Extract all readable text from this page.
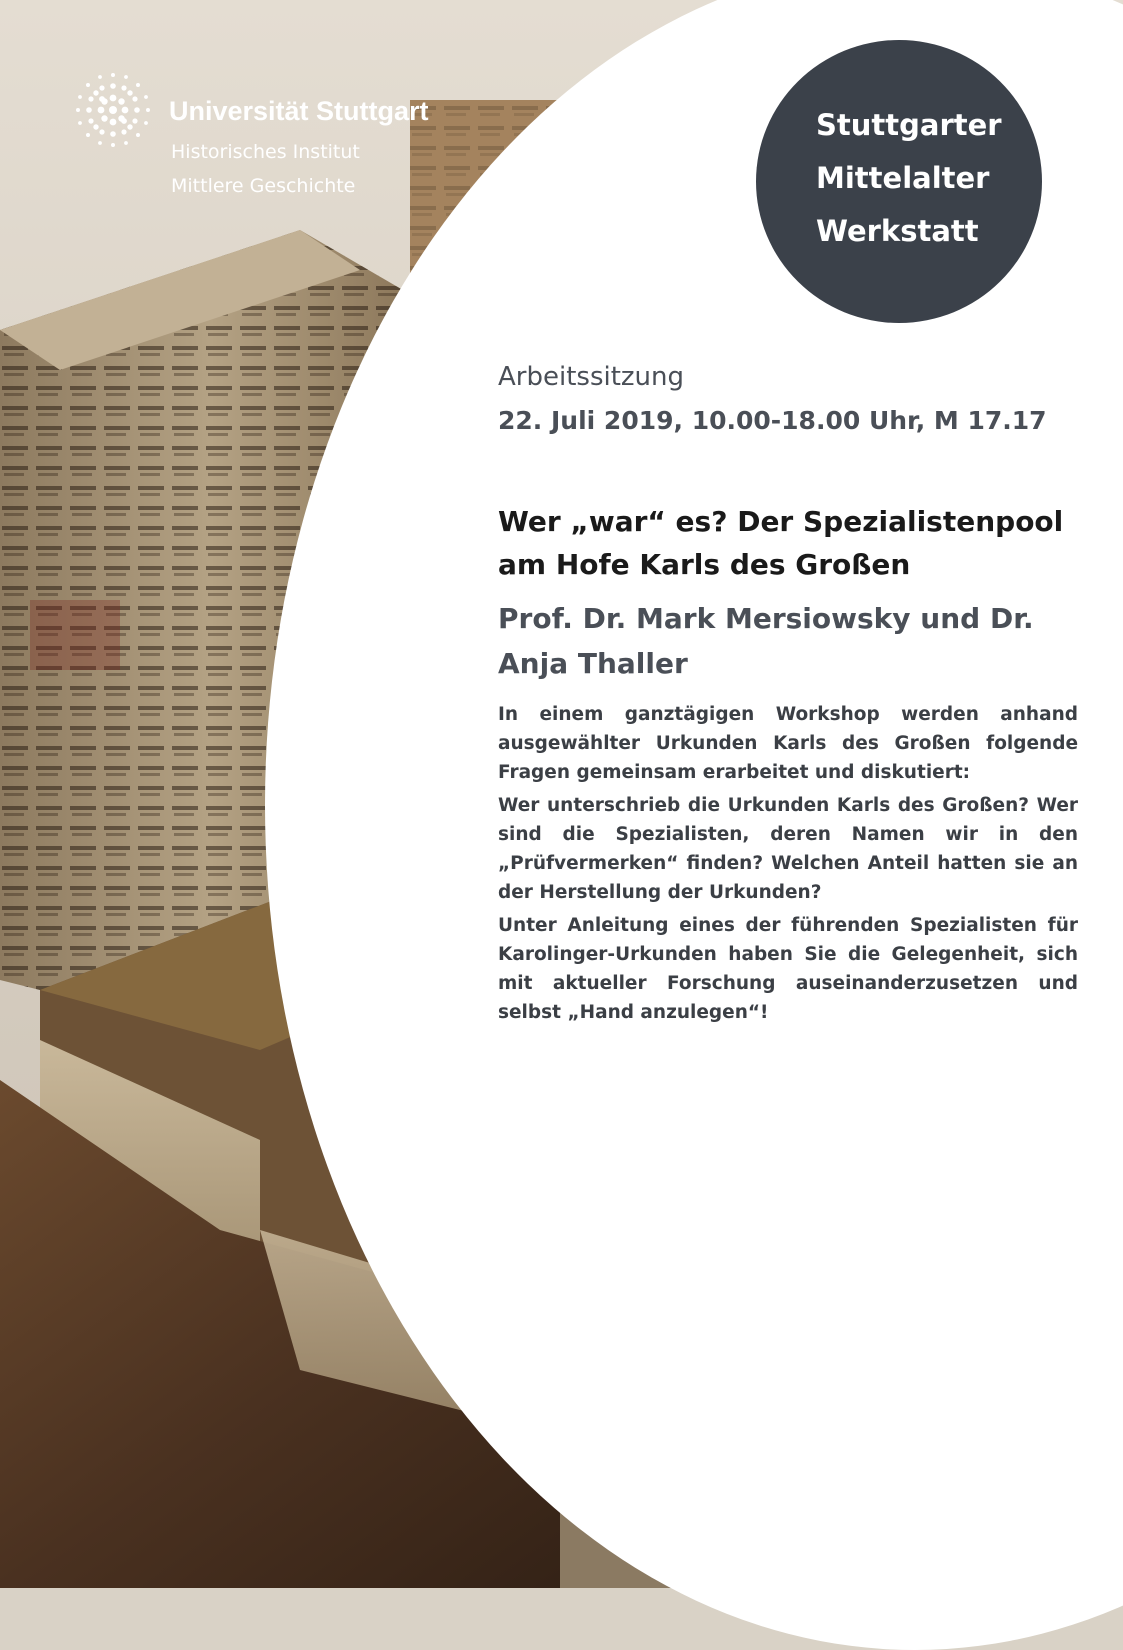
Universität Stuttgart
Historisches Institut
Mittlere Geschichte
Stuttgarter
Mittelalter
Werkstatt

Arbeitssitzung

22. Juli 2019, 10.00-18.00 Uhr, M 17.17

Wer „war“ es? Der Spezialistenpool am Hofe Karls des Großen
Prof. Dr. Mark Mersiowsky und Dr. Anja Thaller

In einem ganztägigen Workshop werden anhand ausgewählter Urkunden Karls des Großen folgende Fragen gemeinsam erarbeitet und diskutiert:

Wer unterschrieb die Urkunden Karls des Großen? Wer sind die Spezialisten, deren Namen wir in den „Prüfvermerken“ finden? Welchen Anteil hatten sie an der Herstellung der Urkunden?

Unter Anleitung eines der führenden Spezialisten für Karolinger-Urkunden haben Sie die Gelegenheit, sich mit aktueller Forschung auseinanderzusetzen und selbst „Hand anzulegen“!
